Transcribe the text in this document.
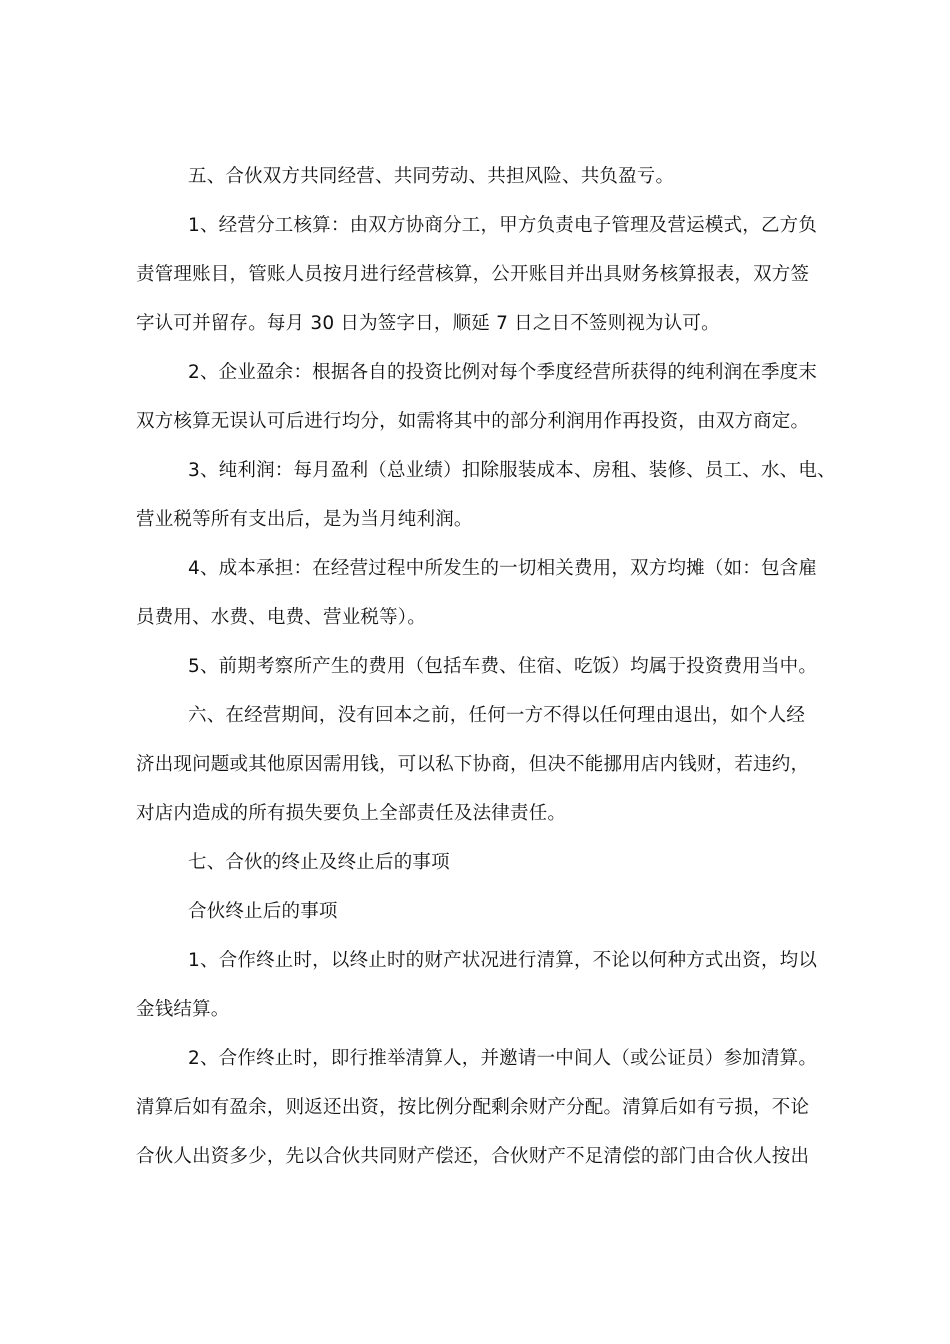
五、合伙双方共同经营、共同劳动、共担风险、共负盈亏。

1、经营分工核算：由双方协商分工，甲方负责电子管理及营运模式，乙方负
责管理账目，管账人员按月进行经营核算，公开账目并出具财务核算报表，双方签
字认可并留存。每月 30 日为签字日，顺延 7 日之日不签则视为认可。

2、企业盈余：根据各自的投资比例对每个季度经营所获得的纯利润在季度末
双方核算无误认可后进行均分，如需将其中的部分利润用作再投资，由双方商定。

3、纯利润：每月盈利（总业绩）扣除服装成本、房租、装修、员工、水、电、
营业税等所有支出后，是为当月纯利润。

4、成本承担：在经营过程中所发生的一切相关费用，双方均摊（如：包含雇
员费用、水费、电费、营业税等）。

5、前期考察所产生的费用（包括车费、住宿、吃饭）均属于投资费用当中。

六、在经营期间，没有回本之前，任何一方不得以任何理由退出，如个人经
济出现问题或其他原因需用钱，可以私下协商，但决不能挪用店内钱财，若违约，
对店内造成的所有损失要负上全部责任及法律责任。

七、合伙的终止及终止后的事项

合伙终止后的事项

1、合作终止时，以终止时的财产状况进行清算，不论以何种方式出资，均以
金钱结算。

2、合作终止时，即行推举清算人，并邀请一中间人（或公证员）参加清算。
清算后如有盈余，则返还出资，按比例分配剩余财产分配。清算后如有亏损，不论
合伙人出资多少，先以合伙共同财产偿还，合伙财产不足清偿的部门由合伙人按出
